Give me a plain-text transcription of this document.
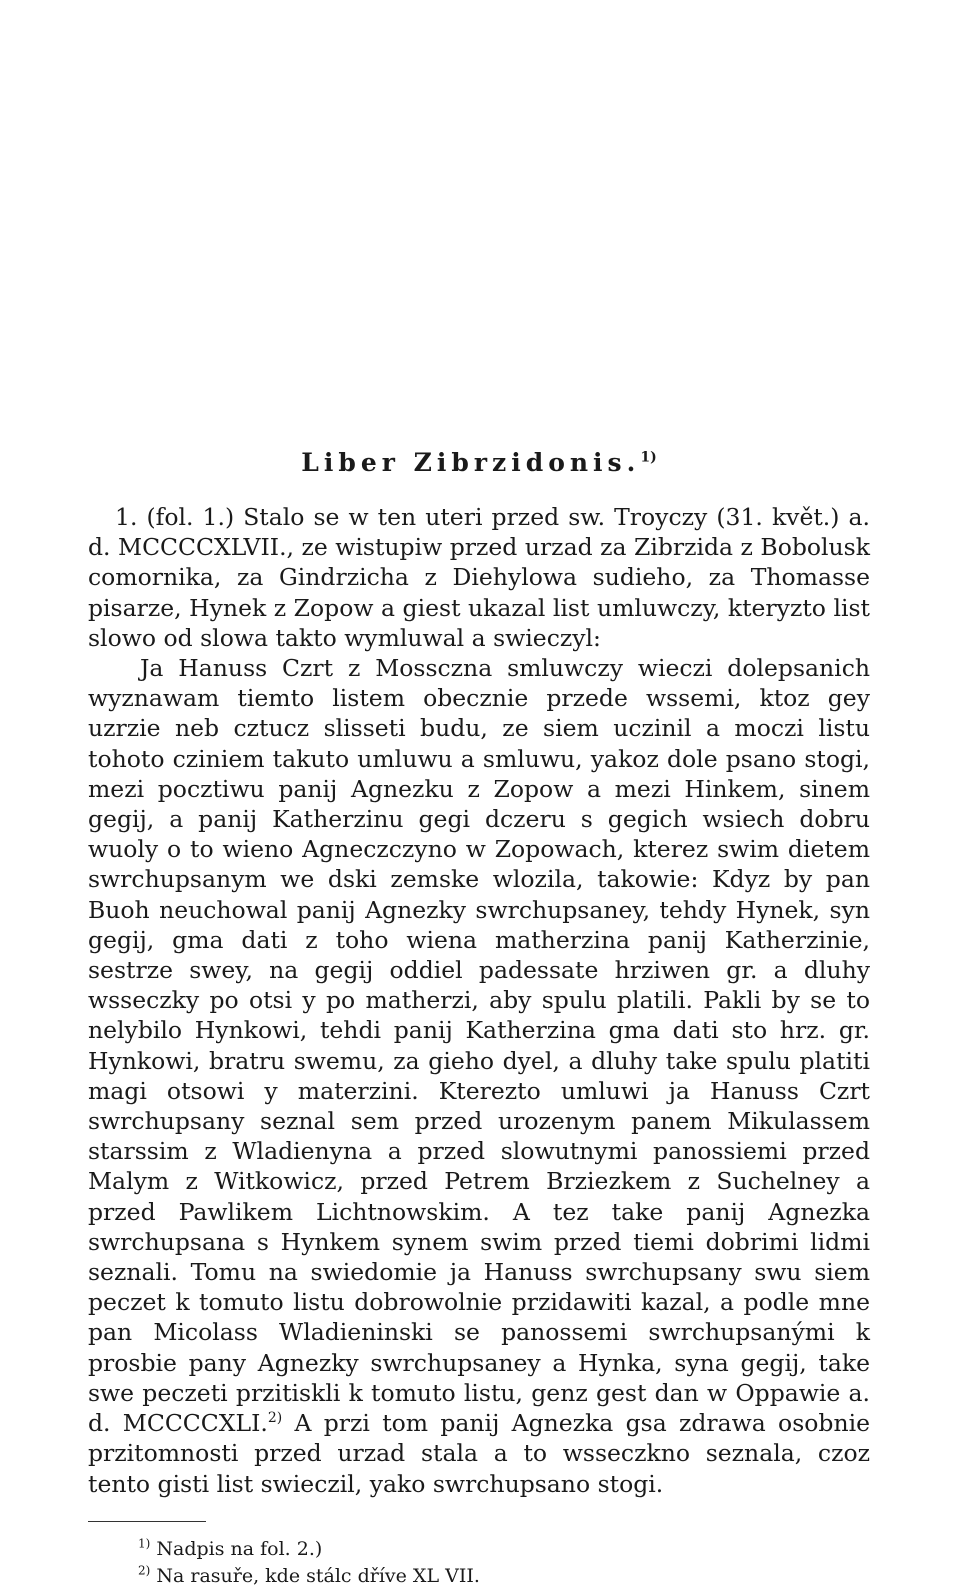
Liber Zibrzidonis.$^{1)}$

1. (fol. 1.) Stalo se w ten uteri przed sw. Troyczy (31. květ.) a. d. MCCCCXLVII., ze wistupiw przed urzad za Zibrzida z Bobolusk comornika, za Gindrzicha z Diehylowa sudieho, za Thomasse pisarze, Hynek z Zopow a giest ukazal list umluwczy, kteryzto list slowo od slowa takto wymluwal a swieczyl:

Ja Hanuss Czrt z Mossczna smluwczy wieczi dolepsanich wyznawam tiemto listem obecznie przede wssemi, ktoz gey uzrzie neb cztucz slisseti budu, ze siem uczinil a moczi listu tohoto cziniem takuto umluwu a smluwu, yakoz dole psano stogi, mezi pocztiwu panij Agnezku z Zopow a mezi Hinkem, sinem gegij, a panij Katherzinu gegi dczeru s gegich wsiech dobru wuoly o to wieno Agneczczyno w Zopowach, kterez swim dietem swrchupsanym we dski zemske wlozila, takowie: Kdyz by pan Buoh neuchowal panij Agnezky swrchupsaney, tehdy Hynek, syn gegij, gma dati z toho wiena matherzina panij Katherzinie, sestrze swey, na gegij oddiel padessate hrziwen gr. a dluhy wsseczky po otsi y po matherzi, aby spulu platili. Pakli by se to nelybilo Hynkowi, tehdi panij Katherzina gma dati sto hrz. gr. Hynkowi, bratru swemu, za gieho dyel, a dluhy take spulu platiti magi otsowi y materzini. Kterezto umluwi ja Hanuss Czrt swrchupsany seznal sem przed urozenym panem Mikulassem starssim z Wladienyna a przed slowutnymi panossiemi przed Malym z Witkowicz, przed Petrem Brziezkem z Suchelney a przed Pawlikem Lichtnowskim. A tez take panij Agnezka swrchupsana s Hynkem synem swim przed tiemi dobrimi lidmi seznali. Tomu na swiedomie ja Hanuss swrchupsany swu siem peczet k tomuto listu dobrowolnie przidawiti kazal, a podle mne pan Micolass Wladieninski se panossemi swrchupsanými k prosbie pany Agnezky swrchupsaney a Hynka, syna gegij, take swe peczeti przitiskli k tomuto listu, genz gest dan w Oppawie a. d. MCCCCXLI.$^{2)}$ A przi tom panij Agnezka gsa zdrawa osobnie przitomnosti przed urzad stala a to wsseczkno seznala, czoz tento gisti list swieczil, yako swrchupsano stogi.

$^{1)}$ Nadpis na fol. 2.)
$^{2)}$ Na rasuře, kde stálc dříve XL VII.
